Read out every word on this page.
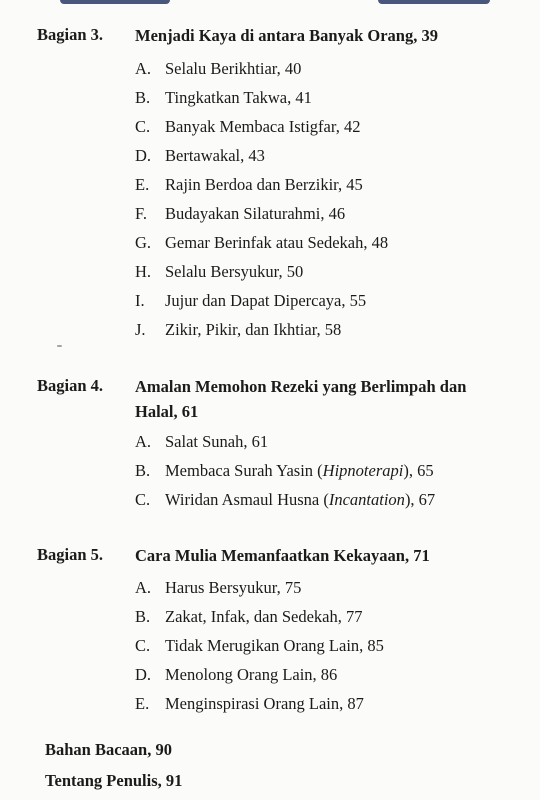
Bagian 3. Menjadi Kaya di antara Banyak Orang, 39
A. Selalu Berikhtiar, 40
B. Tingkatkan Takwa, 41
C. Banyak Membaca Istigfar, 42
D. Bertawakal, 43
E. Rajin Berdoa dan Berzikir, 45
F. Budayakan Silaturahmi, 46
G. Gemar Berinfak atau Sedekah, 48
H. Selalu Bersyukur, 50
I. Jujur dan Dapat Dipercaya, 55
J. Zikir, Pikir, dan Ikhtiar, 58
Bagian 4. Amalan Memohon Rezeki yang Berlimpah dan Halal, 61
A. Salat Sunah, 61
B. Membaca Surah Yasin (Hipnoterapi), 65
C. Wiridan Asmaul Husna (Incantation), 67
Bagian 5. Cara Mulia Memanfaatkan Kekayaan, 71
A. Harus Bersyukur, 75
B. Zakat, Infak, dan Sedekah, 77
C. Tidak Merugikan Orang Lain, 85
D. Menolong Orang Lain, 86
E. Menginspirasi Orang Lain, 87
Bahan Bacaan, 90
Tentang Penulis, 91
